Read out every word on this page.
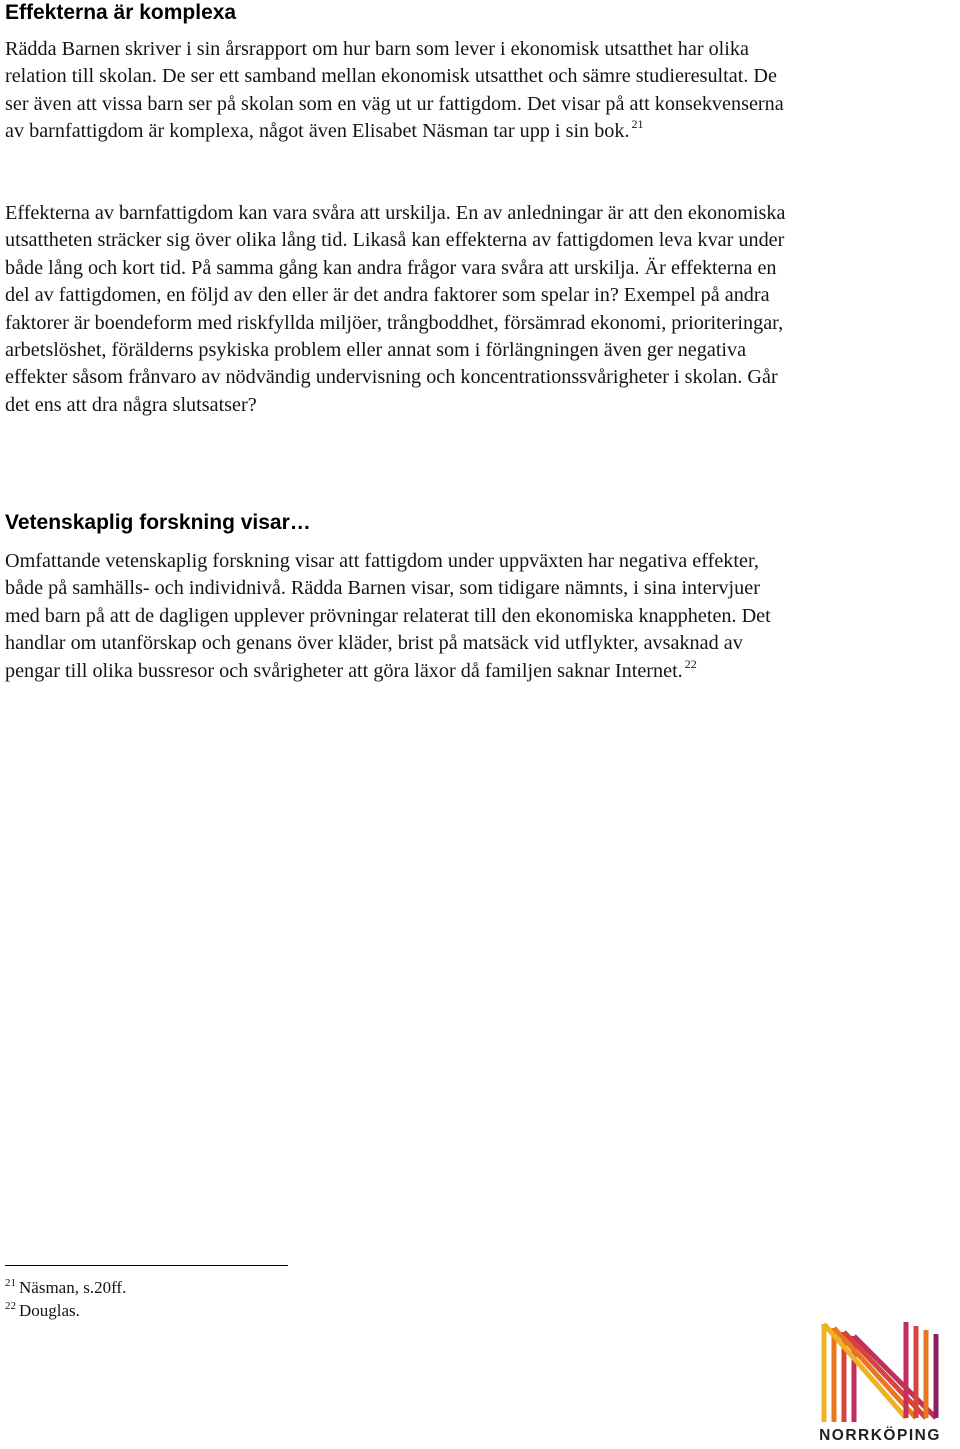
Effekterna är komplexa

Rädda Barnen skriver i sin årsrapport om hur barn som lever i ekonomisk utsatthet har olika relation till skolan. De ser ett samband mellan ekonomisk utsatthet och sämre studieresultat. De ser även att vissa barn ser på skolan som en väg ut ur fattigdom. Det visar på att konsekvenserna av barnfattigdom är komplexa, något även Elisabet Näsman tar upp i sin bok. $^{21}$

Effekterna av barnfattigdom kan vara svåra att urskilja. En av anledningar är att den ekonomiska utsattheten sträcker sig över olika lång tid. Likaså kan effekterna av fattigdomen leva kvar under både lång och kort tid. På samma gång kan andra frågor vara svåra att urskilja. Är effekterna en del av fattigdomen, en följd av den eller är det andra faktorer som spelar in? Exempel på andra faktorer är boendeform med riskfyllda miljöer, trångboddhet, försämrad ekonomi, prioriteringar, arbetslöshet, förälderns psykiska problem eller annat som i förlängningen även ger negativa effekter såsom frånvaro av nödvändig undervisning och koncentrationssvårigheter i skolan. Går det ens att dra några slutsatser?

Vetenskaplig forskning visar…

Omfattande vetenskaplig forskning visar att fattigdom under uppväxten har negativa effekter, både på samhälls- och individnivå. Rädda Barnen visar, som tidigare nämnts, i sina intervjuer med barn på att de dagligen upplever prövningar relaterat till den ekonomiska knappheten. Det handlar om utanförskap och genans över kläder, brist på matsäck vid utflykter, avsaknad av pengar till olika bussresor och svårigheter att göra läxor då familjen saknar Internet. $^{22}$

$^{21}$ Näsman, s.20ff.

$^{22}$ Douglas.

NORRKÖPING
